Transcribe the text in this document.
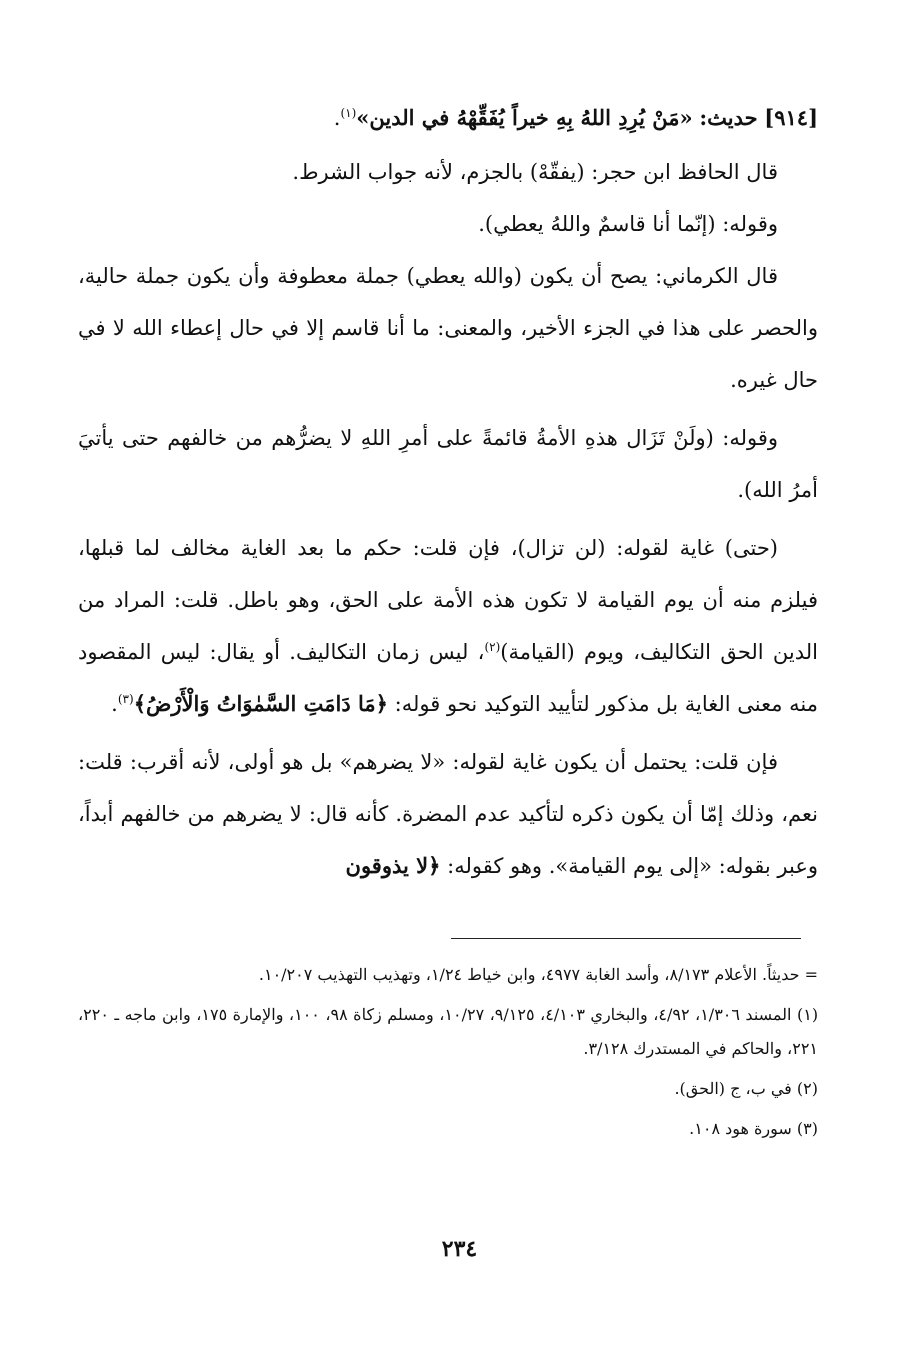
[٩١٤] حديث: «مَنْ يُرِدِ اللهُ بِهِ خيراً يُفَقِّهْهُ في الدين»$^{(١)}$.

قال الحافظ ابن حجر: (يفقّهْ) بالجزم، لأنه جواب الشرط.

وقوله: (إنّما أنا قاسمٌ واللهُ يعطي).

قال الكرماني: يصح أن يكون (والله يعطي) جملة معطوفة وأن يكون جملة حالية، والحصر على هذا في الجزء الأخير، والمعنى: ما أنا قاسم إلا في حال إعطاء الله لا في حال غيره.

وقوله: (ولَنْ تَزَال هذهِ الأمةُ قائمةً على أمرِ اللهِ لا يضرُّهم من خالفهم حتى يأتيَ أمرُ الله).

(حتى) غاية لقوله: (لن تزال)، فإن قلت: حكم ما بعد الغاية مخالف لما قبلها، فيلزم منه أن يوم القيامة لا تكون هذه الأمة على الحق، وهو باطل. قلت: المراد من الدين الحق التكاليف، ويوم (القيامة)$^{(٢)}$، ليس زمان التكاليف. أو يقال: ليس المقصود منه معنى الغاية بل مذكور لتأييد التوكيد نحو قوله: ﴿مَا دَامَتِ السَّمٰوَاتُ وَالْأَرْضُ﴾$^{(٣)}$.

فإن قلت: يحتمل أن يكون غاية لقوله: «لا يضرهم» بل هو أولى، لأنه أقرب: قلت: نعم، وذلك إمّا أن يكون ذكره لتأكيد عدم المضرة. كأنه قال: لا يضرهم من خالفهم أبداً، وعبر بقوله: «إلى يوم القيامة». وهو كقوله: ﴿لا يذوقون

= حديثاً. الأعلام ٨/١٧٣، وأسد الغابة ٤٩٧٧، وابن خياط ١/٢٤، وتهذيب التهذيب ١٠/٢٠٧.

(١) المسند ١/٣٠٦، ٤/٩٢، والبخاري ٤/١٠٣، ٩/١٢٥، ١٠/٢٧، ومسلم زكاة ٩٨، ١٠٠، والإمارة ١٧٥، وابن ماجه ـ ٢٢٠، ٢٢١، والحاكم في المستدرك ٣/١٢٨.

(٢) في ب، ج (الحق).

(٣) سورة هود ١٠٨.

٢٣٤
